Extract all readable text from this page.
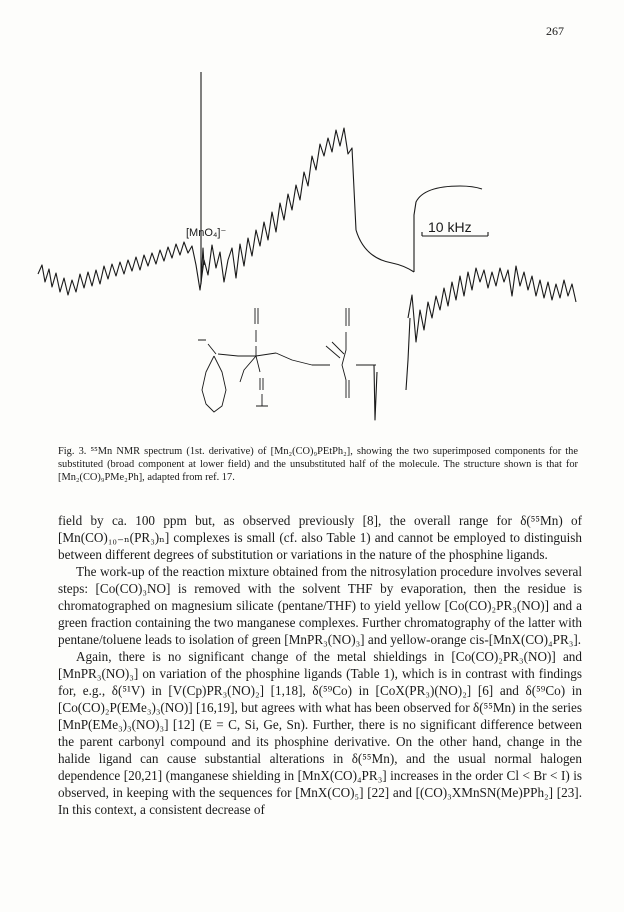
267
[MnO₄]⁻	10 kHz
Fig. 3. ⁵⁵Mn NMR spectrum (1st. derivative) of [Mn₂(CO)₉PEtPh₂], showing the two superimposed components for the substituted (broad component at lower field) and the unsubstituted half of the molecule. The structure shown is that for [Mn₂(CO)₉PMe₂Ph], adapted from ref. 17.

field by ca. 100 ppm but, as observed previously [8], the overall range for δ(⁵⁵Mn) of [Mn(CO)₁₀₋ₙ(PR₃)ₙ] complexes is small (cf. also Table 1) and cannot be employed to distinguish between different degrees of substitution or variations in the nature of the phosphine ligands.

The work-up of the reaction mixture obtained from the nitrosylation procedure involves several steps: [Co(CO)₃NO] is removed with the solvent THF by evaporation, then the residue is chromatographed on magnesium silicate (pentane/THF) to yield yellow [Co(CO)₂PR₃(NO)] and a green fraction containing the two manganese complexes. Further chromatography of the latter with pentane/toluene leads to isolation of green [MnPR₃(NO)₃] and yellow-orange cis-[MnX(CO)₄PR₃].

Again, there is no significant change of the metal shieldings in [Co(CO)₂PR₃(NO)] and [MnPR₃(NO)₃] on variation of the phosphine ligands (Table 1), which is in contrast with findings for, e.g., δ(⁵¹V) in [V(Cp)PR₃(NO)₂] [1,18], δ(⁵⁹Co) in [CoX(PR₃)(NO)₂] [6] and δ(⁵⁹Co) in [Co(CO)₂P(EMe₃)₃(NO)] [16,19], but agrees with what has been observed for δ(⁵⁵Mn) in the series [MnP(EMe₃)₃(NO)₃] [12] (E = C, Si, Ge, Sn). Further, there is no significant difference between the parent carbonyl compound and its phosphine derivative. On the other hand, change in the halide ligand can cause substantial alterations in δ(⁵⁵Mn), and the usual normal halogen dependence [20,21] (manganese shielding in [MnX(CO)₄PR₃] increases in the order Cl < Br < I) is observed, in keeping with the sequences for [MnX(CO)₅] [22] and [(CO)₃XMnSN(Me)PPh₂] [23]. In this context, a consistent decrease of
